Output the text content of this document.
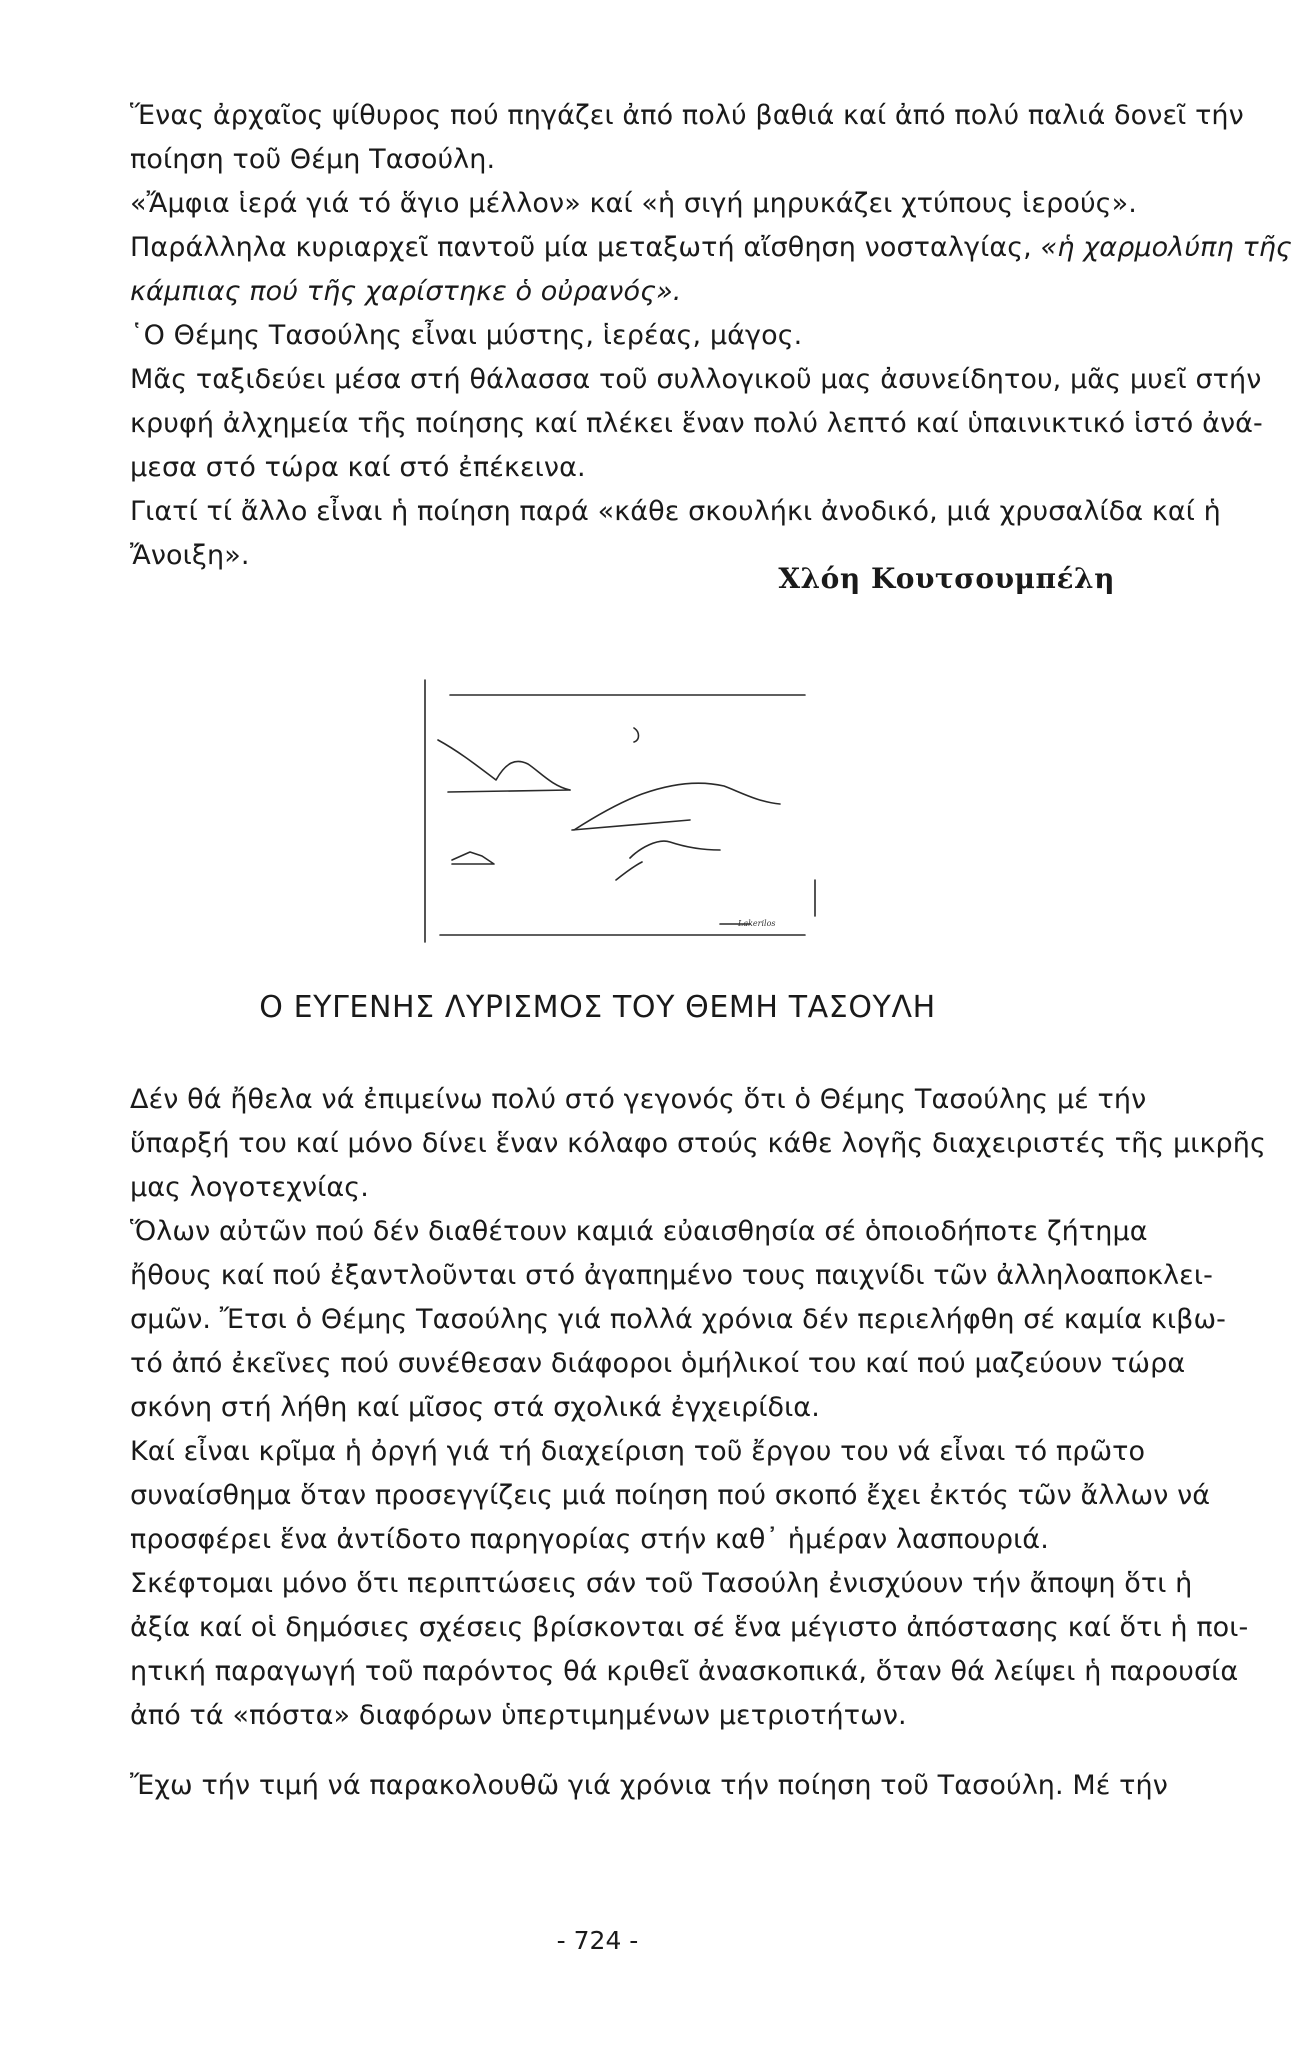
Ἕνας ἀρχαῖος ψίθυρος πού πηγάζει ἀπό πολύ βαθιά καί ἀπό πολύ παλιά δονεῖ τήν
ποίηση τοῦ Θέμη Τασούλη.
«Ἄμφια ἱερά γιά τό ἅγιο μέλλον» καί «ἡ σιγή μηρυκάζει χτύπους ἱερούς».
Παράλληλα κυριαρχεῖ παντοῦ μία μεταξωτή αἴσθηση νοσταλγίας, «ἡ χαρμολύπη τῆς
κάμπιας πού τῆς χαρίστηκε ὁ οὐρανός».
῾Ο Θέμης Τασούλης εἶναι μύστης, ἱερέας, μάγος.
Μᾶς ταξιδεύει μέσα στή θάλασσα τοῦ συλλογικοῦ μας ἀσυνείδητου, μᾶς μυεῖ στήν
κρυφή ἀλχημεία τῆς ποίησης καί πλέκει ἕναν πολύ λεπτό καί ὑπαινικτικό ἱστό ἀνά-
μεσα στό τώρα καί στό ἐπέκεινα.
Γιατί τί ἄλλο εἶναι ἡ ποίηση παρά «κάθε σκουλήκι ἀνοδικό, μιά χρυσαλίδα καί ἡ
Ἄνοιξη».
Χλόη Κουτσουμπέλη
Lakerilos
Ο ΕΥΓΕΝΗΣ ΛΥΡΙΣΜΟΣ ΤΟΥ ΘΕΜΗ ΤΑΣΟΥΛΗ
Δέν θά ἤθελα νά ἐπιμείνω πολύ στό γεγονός ὅτι ὁ Θέμης Τασούλης μέ τήν
ὕπαρξή του καί μόνο δίνει ἕναν κόλαφο στούς κάθε λογῆς διαχειριστές τῆς μικρῆς
μας λογοτεχνίας.
Ὅλων αὐτῶν πού δέν διαθέτουν καμιά εὐαισθησία σέ ὁποιοδήποτε ζήτημα
ἤθους καί πού ἐξαντλοῦνται στό ἀγαπημένο τους παιχνίδι τῶν ἀλληλοαποκλει-
σμῶν. Ἔτσι ὁ Θέμης Τασούλης γιά πολλά χρόνια δέν περιελήφθη σέ καμία κιβω-
τό ἀπό ἐκεῖνες πού συνέθεσαν διάφοροι ὁμήλικοί του καί πού μαζεύουν τώρα
σκόνη στή λήθη καί μῖσος στά σχολικά ἐγχειρίδια.
Καί εἶναι κρῖμα ἡ ὀργή γιά τή διαχείριση τοῦ ἔργου του νά εἶναι τό πρῶτο
συναίσθημα ὅταν προσεγγίζεις μιά ποίηση πού σκοπό ἔχει ἐκτός τῶν ἄλλων νά
προσφέρει ἕνα ἀντίδοτο παρηγορίας στήν καθ᾽ ἡμέραν λασπουριά.
Σκέφτομαι μόνο ὅτι περιπτώσεις σάν τοῦ Τασούλη ἐνισχύουν τήν ἄποψη ὅτι ἡ
ἀξία καί οἱ δημόσιες σχέσεις βρίσκονται σέ ἕνα μέγιστο ἀπόστασης καί ὅτι ἡ ποι-
ητική παραγωγή τοῦ παρόντος θά κριθεῖ ἀνασκοπικά, ὅταν θά λείψει ἡ παρουσία
ἀπό τά «πόστα» διαφόρων ὑπερτιμημένων μετριοτήτων.
Ἔχω τήν τιμή νά παρακολουθῶ γιά χρόνια τήν ποίηση τοῦ Τασούλη. Μέ τήν
- 724 -
